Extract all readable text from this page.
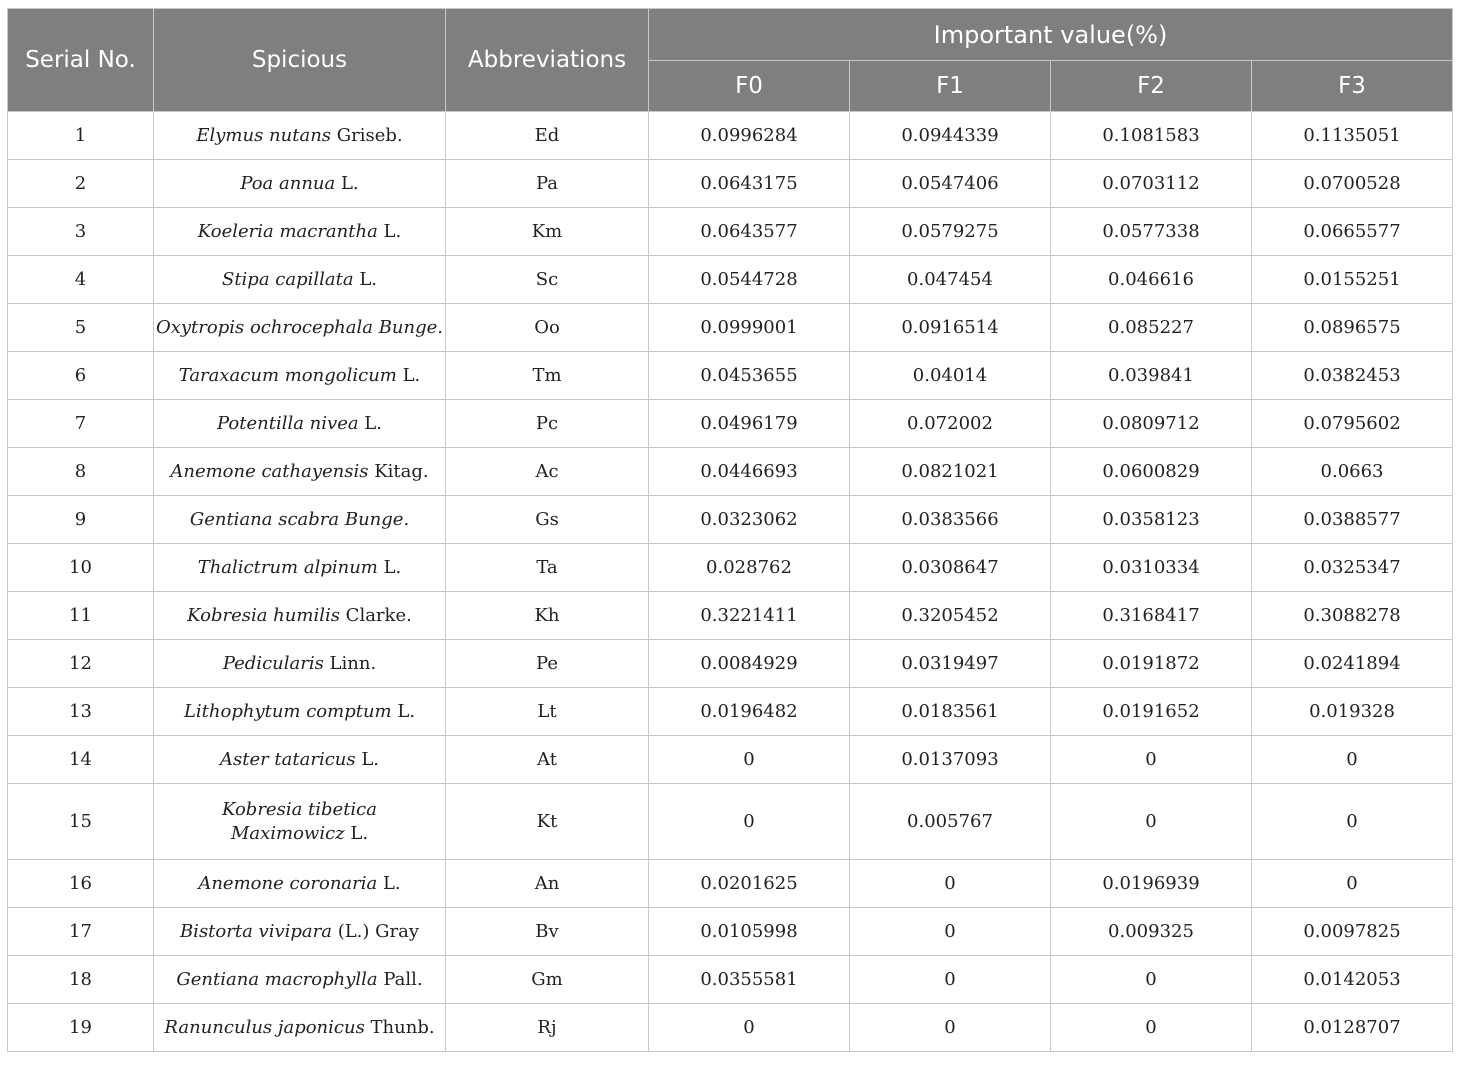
Serial No.	Spicious	Abbreviations	Important value(%)			
			F0	F1	F2	F3
1	Elymus nutans Griseb.	Ed	0.0996284	0.0944339	0.1081583	0.1135051
2	Poa annua L.	Pa	0.0643175	0.0547406	0.0703112	0.0700528
3	Koeleria macrantha L.	Km	0.0643577	0.0579275	0.0577338	0.0665577
4	Stipa capillata L.	Sc	0.0544728	0.047454	0.046616	0.0155251
5	Oxytropis ochrocephala Bunge.	Oo	0.0999001	0.0916514	0.085227	0.0896575
6	Taraxacum mongolicum L.	Tm	0.0453655	0.04014	0.039841	0.0382453
7	Potentilla nivea L.	Pc	0.0496179	0.072002	0.0809712	0.0795602
8	Anemone cathayensis Kitag.	Ac	0.0446693	0.0821021	0.0600829	0.0663
9	Gentiana scabra Bunge.	Gs	0.0323062	0.0383566	0.0358123	0.0388577
10	Thalictrum alpinum L.	Ta	0.028762	0.0308647	0.0310334	0.0325347
11	Kobresia humilis Clarke.	Kh	0.3221411	0.3205452	0.3168417	0.3088278
12	Pedicularis Linn.	Pe	0.0084929	0.0319497	0.0191872	0.0241894
13	Lithophytum comptum L.	Lt	0.0196482	0.0183561	0.0191652	0.019328
14	Aster tataricus L.	At	0	0.0137093	0	0
15	Kobresia tibetica
Maximowicz L.	Kt	0	0.005767	0	0
16	Anemone coronaria L.	An	0.0201625	0	0.0196939	0
17	Bistorta vivipara (L.) Gray	Bv	0.0105998	0	0.009325	0.0097825
18	Gentiana macrophylla Pall.	Gm	0.0355581	0	0	0.0142053
19	Ranunculus japonicus Thunb.	Rj	0	0	0	0.0128707
